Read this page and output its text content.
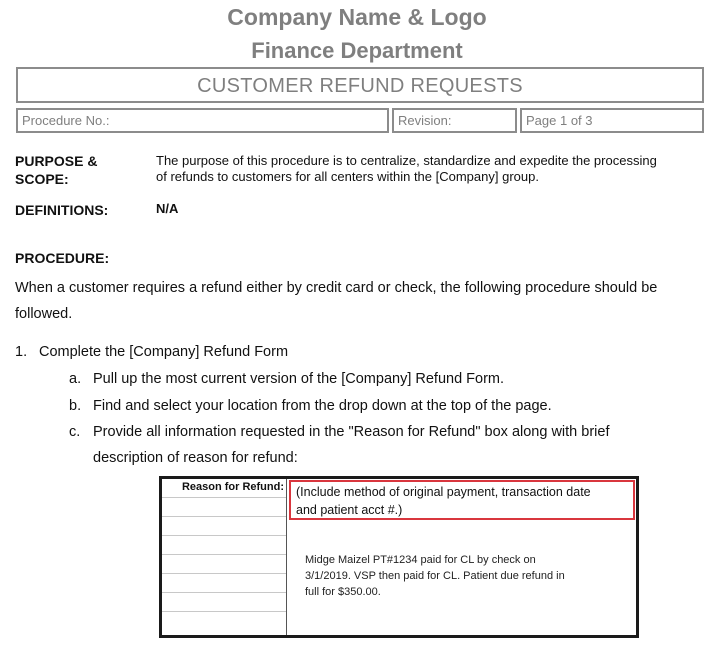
Company Name & Logo
Finance Department
CUSTOMER REFUND REQUESTS
Procedure No.:	Revision:	Page 1 of 3
PURPOSE &
SCOPE:
The purpose of this procedure is to centralize, standardize and expedite the processing
of refunds to customers for all centers within the [Company] group.
DEFINITIONS:	N/A
PROCEDURE:
When a customer requires a refund either by credit card or check, the following procedure should be
followed.
1. Complete the [Company] Refund Form
a. Pull up the most current version of the [Company] Refund Form.
b. Find and select your location from the drop down at the top of the page.
c. Provide all information requested in the "Reason for Refund" box along with brief
description of reason for refund:
Reason for Refund: (Include method of original payment, transaction date
and patient acct #.)
Midge Maizel PT#1234 paid for CL by check on
3/1/2019. VSP then paid for CL. Patient due refund in
full for $350.00.
